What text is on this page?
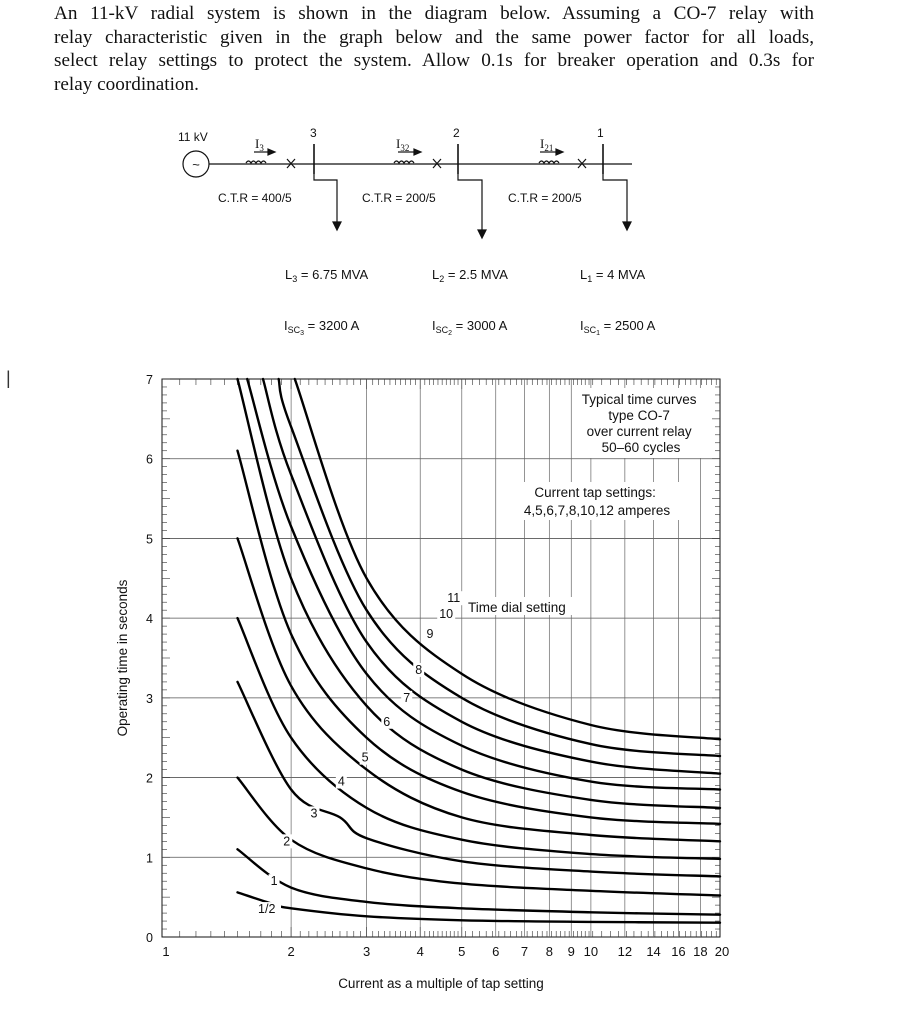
An 11-kV radial system is shown in the diagram below. Assuming a CO-7 relay with
relay characteristic given in the graph below and the same power factor for all loads,
select relay settings to protect the system. Allow 0.1s for breaker operation and 0.3s for
relay coordination.
|
~
11 kV	3
$I_3$
C.T.R = 400/5
2
$I_{32}$
C.T.R = 200/5
1
$I_{21}$
C.T.R = 200/5
$L_3 = 6.75$ MVA	$L_2 = 2.5$ MVA	$L_1 = 4$ MVA
$I_{SC}3 = 3200$ A	$I_{SC}2 = 3000$ A	$I_{SC}1 = 2500$ A
0
1
2
3
4
5
6
7
1	2	3	4	5 6 7 8 9 10 12 14 16 18 20
1/2
1
2
3
4
5
6
7
8
9
10
11
Typical time curves type CO-7 over current relay 50–60 cycles
Current tap settings: 4,5,6,7,8,10,12 amperes
Time dial setting
Current as a multiple of tap setting
Operating time in seconds
